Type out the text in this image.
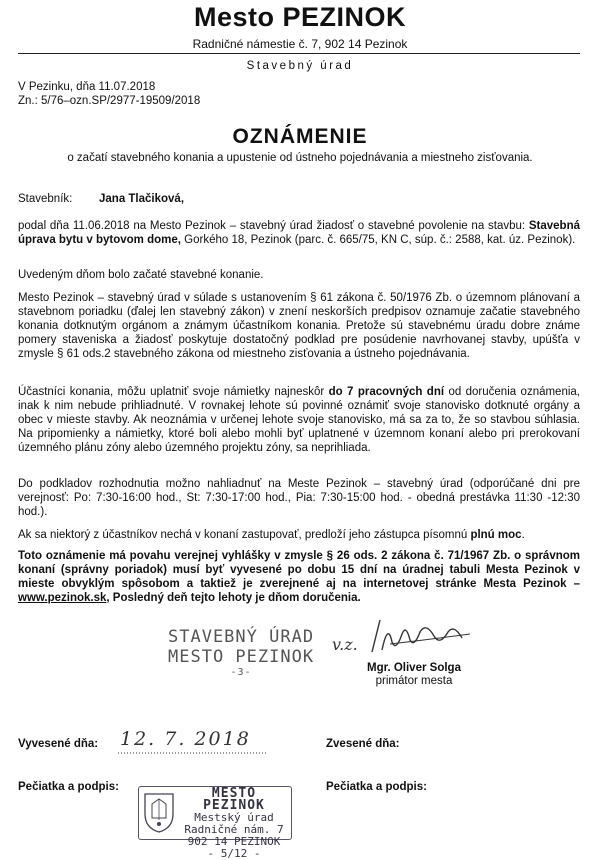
Mesto PEZINOK
Radničné námestie č. 7, 902 14 Pezinok
Stavebný úrad
V Pezinku, dňa 11.07.2018
Zn.: 5/76–ozn.SP/2977-19509/2018
OZNÁMENIE
o začatí stavebného konania a upustenie od ústneho pojednávania a miestneho zisťovania.
Stavebník: Jana Tlačiková,

podal dňa 11.06.2018 na Mesto Pezinok – stavebný úrad žiadosť o stavebné povolenie na stavbu: Stavebná úprava bytu v bytovom dome, Gorkého 18, Pezinok (parc. č. 665/75, KN C, súp. č.: 2588, kat. úz. Pezinok).

Uvedeným dňom bolo začaté stavebné konanie.

Mesto Pezinok – stavebný úrad v súlade s ustanovením § 61 zákona č. 50/1976 Zb. o územnom plánovaní a stavebnom poriadku (ďalej len stavebný zákon) v znení neskorších predpisov oznamuje začatie stavebného konania dotknutým orgánom a známym účastníkom konania. Pretože sú stavebnému úradu dobre známe pomery staveniska a žiadosť poskytuje dostatočný podklad pre posúdenie navrhovanej stavby, upúšťa v zmysle § 61 ods.2 stavebného zákona od miestneho zisťovania a ústneho pojednávania.

Účastníci konania, môžu uplatniť svoje námietky najneskôr do 7 pracovných dní od doručenia oznámenia, inak k nim nebude prihliadnuté. V rovnakej lehote sú povinné oznámiť svoje stanovisko dotknuté orgány a obec v mieste stavby. Ak neoznámia v určenej lehote svoje stanovisko, má sa za to, že so stavbou súhlasia. Na pripomienky a námietky, ktoré boli alebo mohli byť uplatnené v územnom konaní alebo pri prerokovaní územného plánu zóny alebo územného projektu zóny, sa neprihliada.

Do podkladov rozhodnutia možno nahliadnuť na Meste Pezinok – stavebný úrad (odporúčané dni pre verejnosť: Po: 7:30-16:00 hod., St: 7:30-17:00 hod., Pia: 7:30-15:00 hod. - obedná prestávka 11:30 -12:30 hod.).

Ak sa niektorý z účastníkov nechá v konaní zastupovať, predloží jeho zástupca písomnú plnú moc.

Toto oznámenie má povahu verejnej vyhlášky v zmysle § 26 ods. 2 zákona č. 71/1967 Zb. o správnom konaní (správny poriadok) musí byť vyvesené po dobu 15 dní na úradnej tabuli Mesta Pezinok v mieste obvyklým spôsobom a taktiež je zverejnené aj na internetovej stránke Mesta Pezinok – www.pezinok.sk, Posledný deň tejto lehoty je dňom doručenia.

STAVEBNÝ ÚRAD
MESTO PEZINOK
-3-
v.z.
Mgr. Oliver Solga
primátor mesta
Vyvesené dňa: 12. 7. 2018	Zvesené dňa:
Pečiatka a podpis:	Pečiatka a podpis:
MESTO PEZINOK
Mestský úrad
Radničné nám. 7
902 14 PEZINOK
- 5/12 -
